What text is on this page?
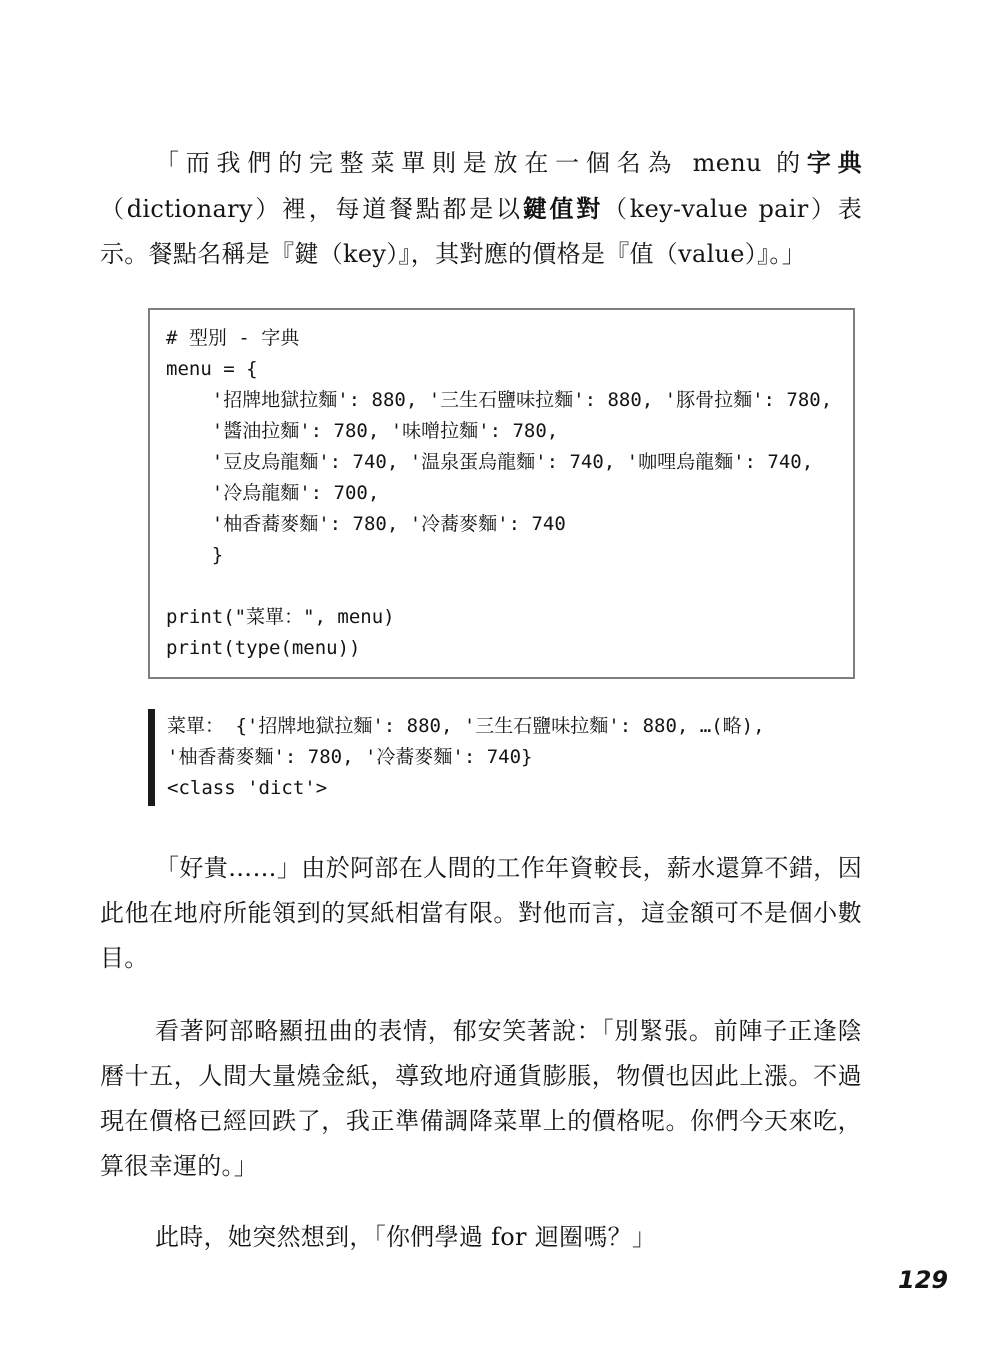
「而我們的完整菜單則是放在一個名為 menu 的字典（dictionary）裡，每道餐點都是以鍵值對（key-value pair）表示。餐點名稱是『鍵（key）』，其對應的價格是『值（value）』。」

# 型別 - 字典
menu = {
'招牌地獄拉麵': 880, '三生石鹽味拉麵': 880, '豚骨拉麵': 780,
'醬油拉麵': 780, '味噌拉麵': 780,
'豆皮烏龍麵': 740, '温泉蛋烏龍麵': 740, '咖哩烏龍麵': 740,
'冷烏龍麵': 700,
'柚香蕎麥麵': 780, '冷蕎麥麵': 740
}

print("菜單：", menu)
print(type(menu))
菜單： {'招牌地獄拉麵': 880, '三生石鹽味拉麵': 880, …(略),
'柚香蕎麥麵': 780, '冷蕎麥麵': 740}
<class 'dict'>

「好貴……」由於阿部在人間的工作年資較長，薪水還算不錯，因此他在地府所能領到的冥紙相當有限。對他而言，這金額可不是個小數目。

看著阿部略顯扭曲的表情，郁安笑著說：「別緊張。前陣子正逢陰曆十五，人間大量燒金紙，導致地府通貨膨脹，物價也因此上漲。不過現在價格已經回跌了，我正準備調降菜單上的價格呢。你們今天來吃，算很幸運的。」

此時，她突然想到，「你們學過 for 迴圈嗎？」

129
